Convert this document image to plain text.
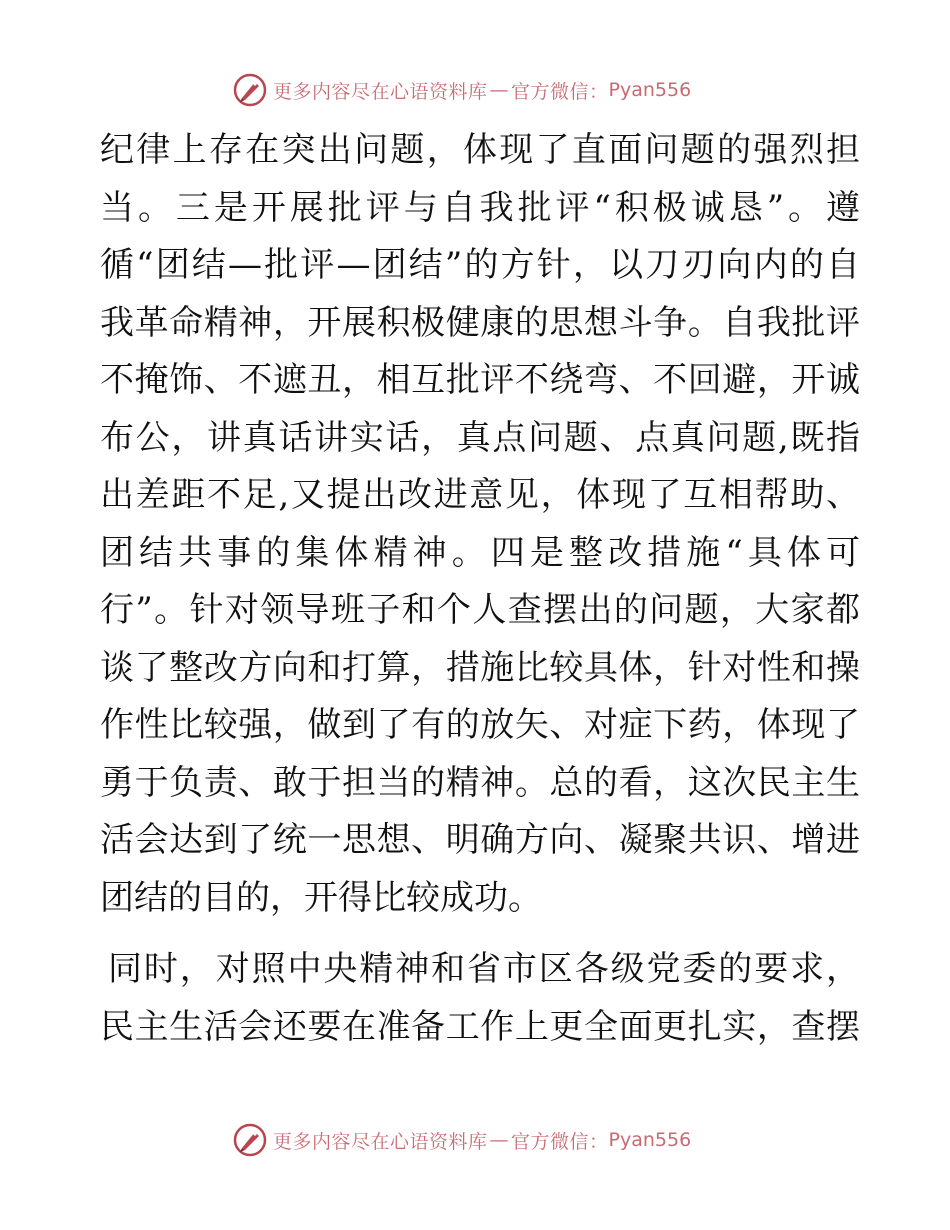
更多内容尽在心语资料库 — 官方微信： Pyan556
纪律上存在突出问题，体现了直面问题的强烈担
当。三是开展批评与自我批评“积极诚恳”。遵
循“团结—批评—团结”的方针，以刀刃向内的自
我革命精神，开展积极健康的思想斗争。自我批评
不掩饰、不遮丑，相互批评不绕弯、不回避，开诚
布公，讲真话讲实话，真点问题、点真问题,既指
出差距不足,又提出改进意见，体现了互相帮助、
团结共事的集体精神。四是整改措施“具体可
行”。针对领导班子和个人查摆出的问题，大家都
谈了整改方向和打算，措施比较具体，针对性和操
作性比较强，做到了有的放矢、对症下药，体现了
勇于负责、敢于担当的精神。总的看，这次民主生
活会达到了统一思想、明确方向、凝聚共识、增进
团结的目的，开得比较成功。
同时，对照中央精神和省市区各级党委的要求，
民主生活会还要在准备工作上更全面更扎实，查摆
更多内容尽在心语资料库 — 官方微信： Pyan556
